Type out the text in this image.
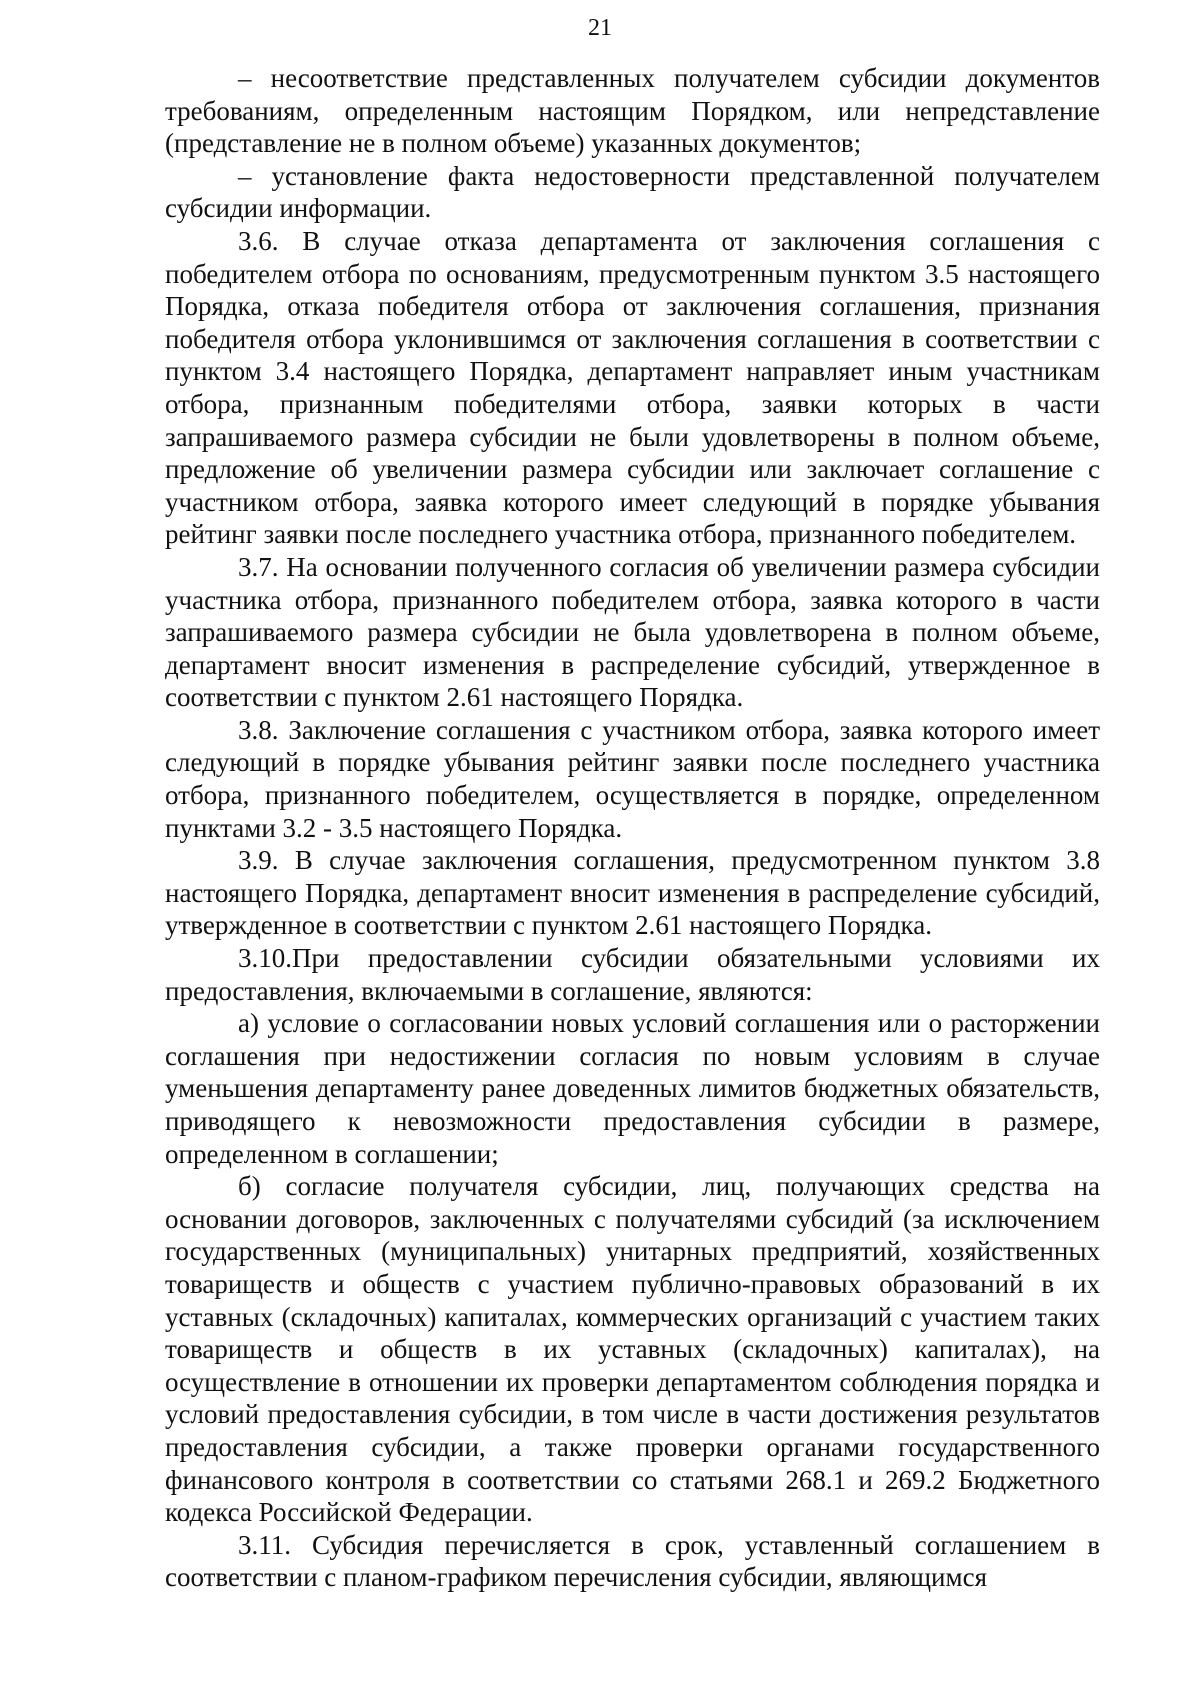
21

– несоответствие представленных получателем субсидии документов требованиям, определенным настоящим Порядком, или непредставление (представление не в полном объеме) указанных документов;

– установление факта недостоверности представленной получателем субсидии информации.

3.6. В случае отказа департамента от заключения соглашения с победителем отбора по основаниям, предусмотренным пунктом 3.5 настоящего Порядка, отказа победителя отбора от заключения соглашения, признания победителя отбора уклонившимся от заключения соглашения в соответствии с пунктом 3.4 настоящего Порядка, департамент направляет иным участникам отбора, признанным победителями отбора, заявки которых в части запрашиваемого размера субсидии не были удовлетворены в полном объеме, предложение об увеличении размера субсидии или заключает соглашение с участником отбора, заявка которого имеет следующий в порядке убывания рейтинг заявки после последнего участника отбора, признанного победителем.

3.7. На основании полученного согласия об увеличении размера субсидии участника отбора, признанного победителем отбора, заявка которого в части запрашиваемого размера субсидии не была удовлетворена в полном объеме, департамент вносит изменения в распределение субсидий, утвержденное в соответствии с пунктом 2.61 настоящего Порядка.

3.8. Заключение соглашения с участником отбора, заявка которого имеет следующий в порядке убывания рейтинг заявки после последнего участника отбора, признанного победителем, осуществляется в порядке, определенном пунктами 3.2 - 3.5 настоящего Порядка.

3.9. В случае заключения соглашения, предусмотренном пунктом 3.8 настоящего Порядка, департамент вносит изменения в распределение субсидий, утвержденное в соответствии с пунктом 2.61 настоящего Порядка.

3.10.При предоставлении субсидии обязательными условиями их предоставления, включаемыми в соглашение, являются:

а) условие о согласовании новых условий соглашения или о расторжении соглашения при недостижении согласия по новым условиям в случае уменьшения департаменту ранее доведенных лимитов бюджетных обязательств, приводящего к невозможности предоставления субсидии в размере, определенном в соглашении;

б) согласие получателя субсидии, лиц, получающих средства на основании договоров, заключенных с получателями субсидий (за исключением государственных (муниципальных) унитарных предприятий, хозяйственных товариществ и обществ с участием публично-правовых образований в их уставных (складочных) капиталах, коммерческих организаций с участием таких товариществ и обществ в их уставных (складочных) капиталах), на осуществление в отношении их проверки департаментом соблюдения порядка и условий предоставления субсидии, в том числе в части достижения результатов предоставления субсидии, а также проверки органами государственного финансового контроля в соответствии со статьями 268.1 и 269.2 Бюджетного кодекса Российской Федерации.

3.11. Субсидия перечисляется в срок, уставленный соглашением в соответствии с планом-графиком перечисления субсидии, являющимся
